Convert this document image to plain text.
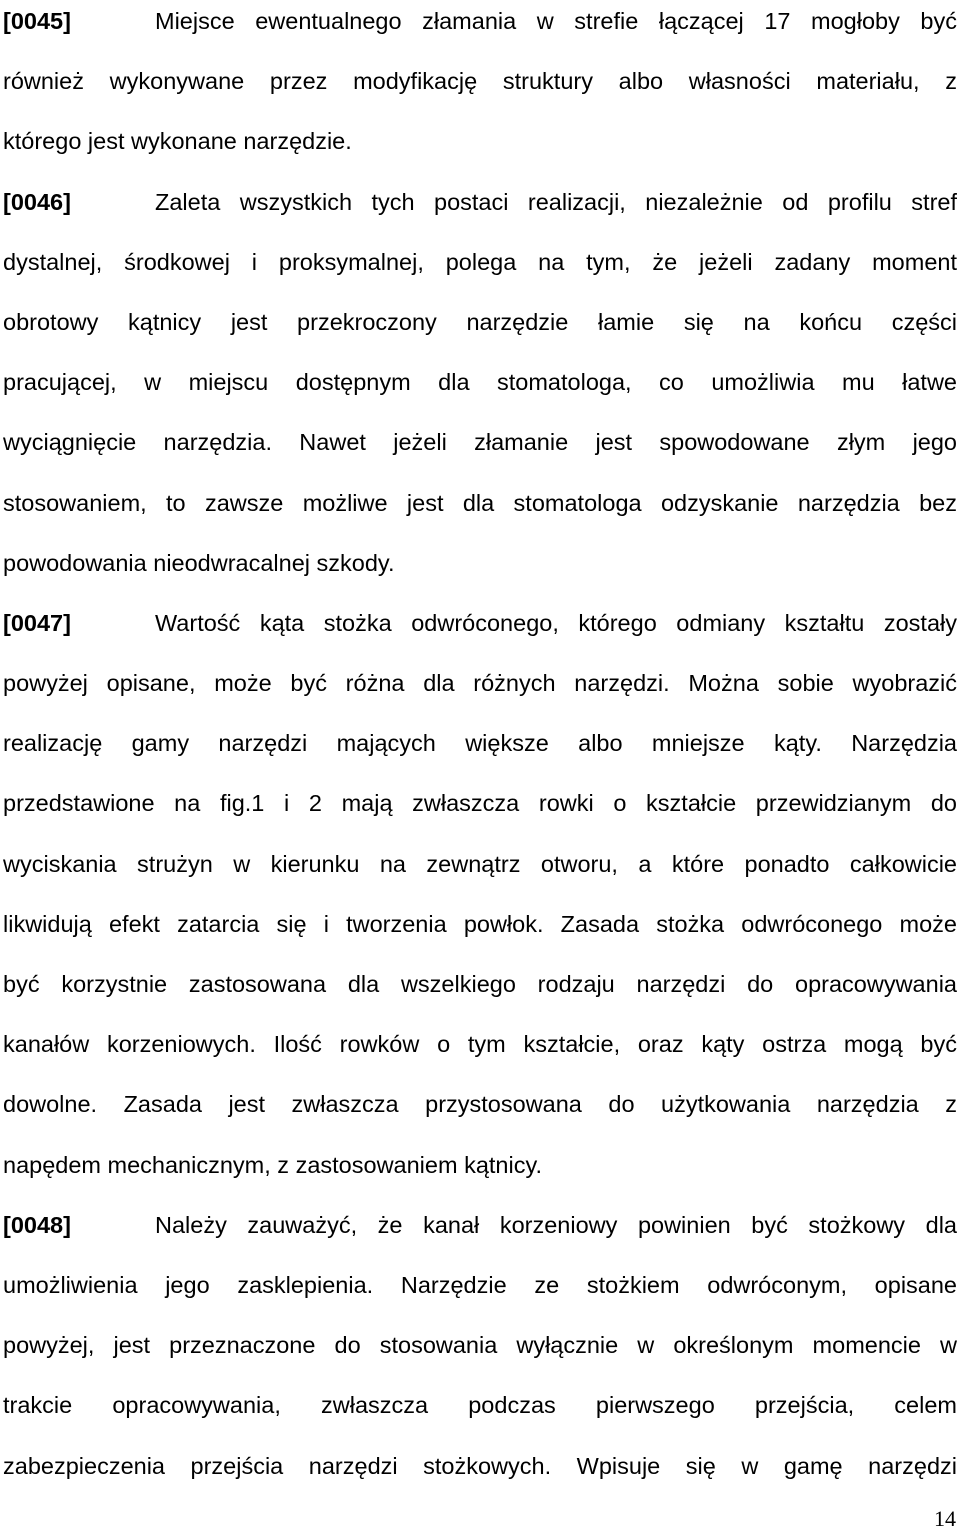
[0045]	Miejsce ewentualnego złamania w strefie łączącej 17 mogłoby być
również wykonywane przez modyfikację struktury albo własności materiału, z
którego jest wykonane narzędzie.
[0046]	Zaleta wszystkich tych postaci realizacji, niezależnie od profilu stref
dystalnej, środkowej i proksymalnej, polega na tym, że jeżeli zadany moment
obrotowy kątnicy jest przekroczony narzędzie łamie się na końcu części
pracującej, w miejscu dostępnym dla stomatologa, co umożliwia mu łatwe
wyciągnięcie narzędzia. Nawet jeżeli złamanie jest spowodowane złym jego
stosowaniem, to zawsze możliwe jest dla stomatologa odzyskanie narzędzia bez
powodowania nieodwracalnej szkody.
[0047]	Wartość kąta stożka odwróconego, którego odmiany kształtu zostały
powyżej opisane, może być różna dla różnych narzędzi. Można sobie wyobrazić
realizację gamy narzędzi mających większe albo mniejsze kąty. Narzędzia
przedstawione na fig.1 i 2 mają zwłaszcza rowki o kształcie przewidzianym do
wyciskania strużyn w kierunku na zewnątrz otworu, a które ponadto całkowicie
likwidują efekt zatarcia się i tworzenia powłok. Zasada stożka odwróconego może
być korzystnie zastosowana dla wszelkiego rodzaju narzędzi do opracowywania
kanałów korzeniowych. Ilość rowków o tym kształcie, oraz kąty ostrza mogą być
dowolne. Zasada jest zwłaszcza przystosowana do użytkowania narzędzia z
napędem mechanicznym, z zastosowaniem kątnicy.
[0048]	Należy zauważyć, że kanał korzeniowy powinien być stożkowy dla
umożliwienia jego zasklepienia. Narzędzie ze stożkiem odwróconym, opisane
powyżej, jest przeznaczone do stosowania wyłącznie w określonym momencie w
trakcie opracowywania, zwłaszcza podczas pierwszego przejścia, celem
zabezpieczenia przejścia narzędzi stożkowych. Wpisuje się w gamę narzędzi
14
